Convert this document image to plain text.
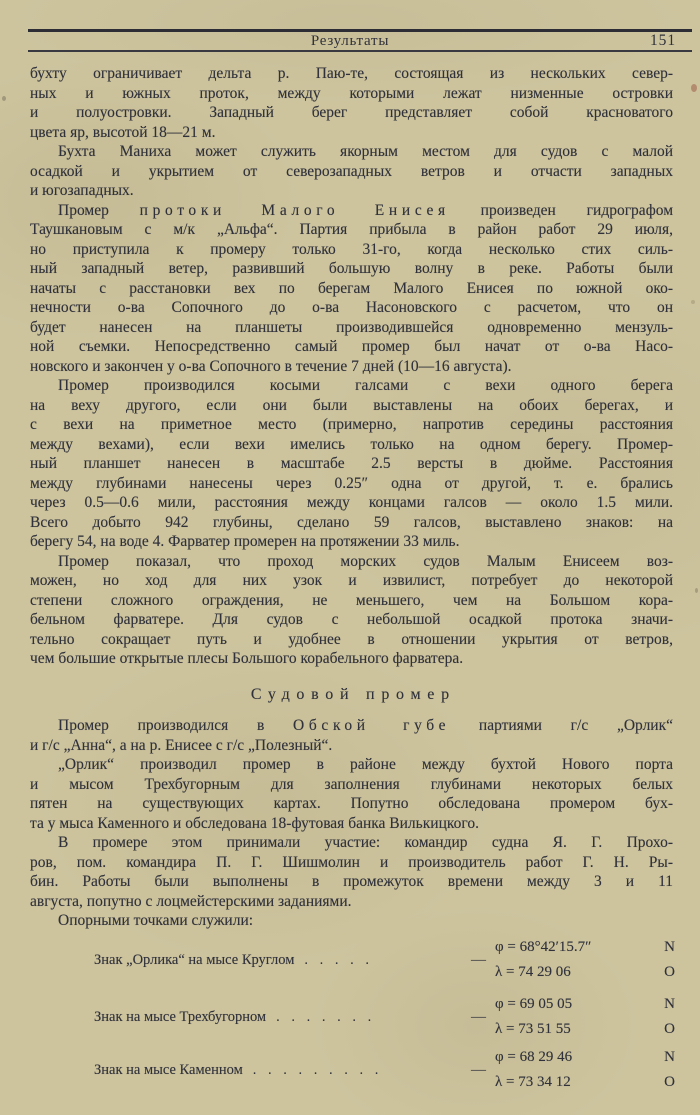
Результаты	151
бухту ограничивает дельта р. Паю-те, состоящая из нескольких север-
ных и южных проток, между которыми лежат низменные островки
и полуостровки. Западный берег представляет собой красноватого
цвета яр, высотой 18—21 м.
Бухта Маниха может служить якорным местом для судов с малой
осадкой и укрытием от северозападных ветров и отчасти западных
и югозападных.
Промер протоки Малого Енисея произведен гидрографом
Таушкановым с м/к „Альфа“. Партия прибыла в район работ 29 июля,
но приступила к промеру только 31-го, когда несколько стих силь-
ный западный ветер, развивший большую волну в реке. Работы были
начаты с расстановки вех по берегам Малого Енисея по южной око-
нечности о-ва Сопочного до о-ва Насоновского с расчетом, что он
будет нанесен на планшеты производившейся одновременно мензуль-
ной съемки. Непосредственно самый промер был начат от о-ва Насо-
новского и закончен у о-ва Сопочного в течение 7 дней (10—16 августа).
Промер производился косыми галсами с вехи одного берега
на веху другого, если они были выставлены на обоих берегах, и
с вехи на приметное место (примерно, напротив середины расстояния
между вехами), если вехи имелись только на одном берегу. Промер-
ный планшет нанесен в масштабе 2.5 версты в дюйме. Расстояния
между глубинами нанесены через 0.25″ одна от другой, т. е. брались
через 0.5—0.6 мили, расстояния между концами галсов — около 1.5 мили.
Всего добыто 942 глубины, сделано 59 галсов, выставлено знаков: на
берегу 54, на воде 4. Фарватер промерен на протяжении 33 миль.
Промер показал, что проход морских судов Малым Енисеем воз-
можен, но ход для них узок и извилист, потребует до некоторой
степени сложного ограждения, не меньшего, чем на Большом кора-
бельном фарватере. Для судов с небольшой осадкой протока значи-
тельно сокращает путь и удобнее в отношении укрытия от ветров,
чем большие открытые плесы Большого корабельного фарватера.
Судовой промер
Промер производился в Обской губе партиями г/с „Орлик“
и г/с „Анна“, а на р. Енисее с г/с „Полезный“.
„Орлик“ производил промер в районе между бухтой Нового порта
и мысом Трехбугорным для заполнения глубинами некоторых белых
пятен на существующих картах. Попутно обследована промером бух-
та у мыса Каменного и обследована 18-футовая банка Вилькицкого.
В промере этом принимали участие: командир судна Я. Г. Прохо-
ров, пом. командира П. Г. Шишмолин и производитель работ Г. Н. Ры-
бин. Работы были выполнены в промежуток времени между 3 и 11
августа, попутно с лоцмейстерскими заданиями.
Опорными точками служили:
Знак „Орлика“ на мысе Круглом . . . . .	—
φ = 68°42′15.7″	N
λ = 74 29 06	O
Знак на мысе Трехбугорном . . . . . . .	—
φ = 69 05 05	N
λ = 73 51 55	O
Знак на мысе Каменном . . . . . . . . .	—
φ = 68 29 46	N
λ = 73 34 12	O
